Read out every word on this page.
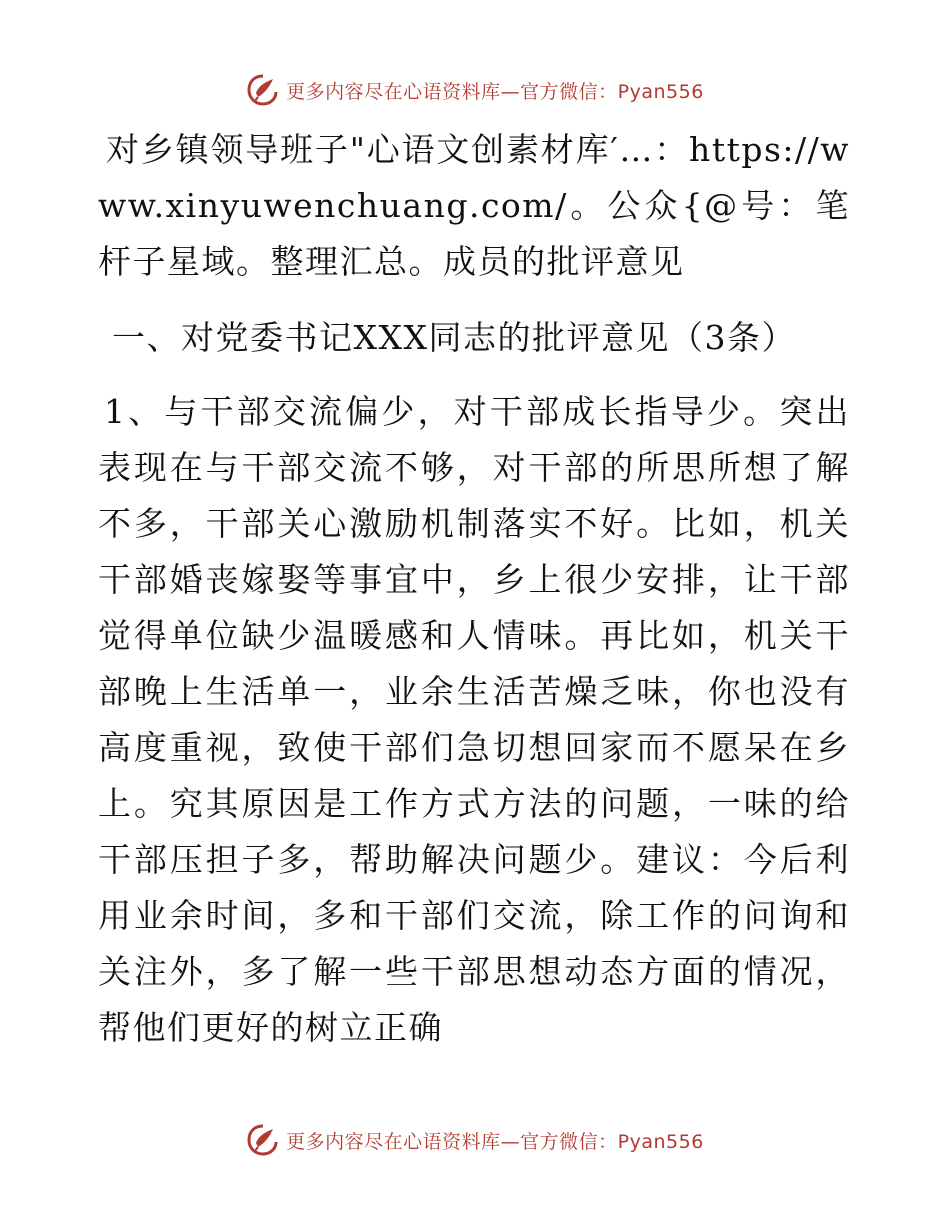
更多内容尽在心语资料库—官方微信：Pyan556

对乡镇领导班子"心语文创素材库′…：https://www.xinyuwenchuang.com/。公众{@号：笔杆子星域。整理汇总。成员的批评意见

一、对党委书记XXX同志的批评意见（3条）

1、与干部交流偏少，对干部成长指导少。突出表现在与干部交流不够，对干部的所思所想了解不多，干部关心激励机制落实不好。比如，机关干部婚丧嫁娶等事宜中，乡上很少安排，让干部觉得单位缺少温暖感和人情味。再比如，机关干部晚上生活单一，业余生活苦燥乏味，你也没有高度重视，致使干部们急切想回家而不愿呆在乡上。究其原因是工作方式方法的问题，一味的给干部压担子多，帮助解决问题少。建议：今后利用业余时间，多和干部们交流，除工作的问询和关注外，多了解一些干部思想动态方面的情况，帮他们更好的树立正确

更多内容尽在心语资料库—官方微信：Pyan556
